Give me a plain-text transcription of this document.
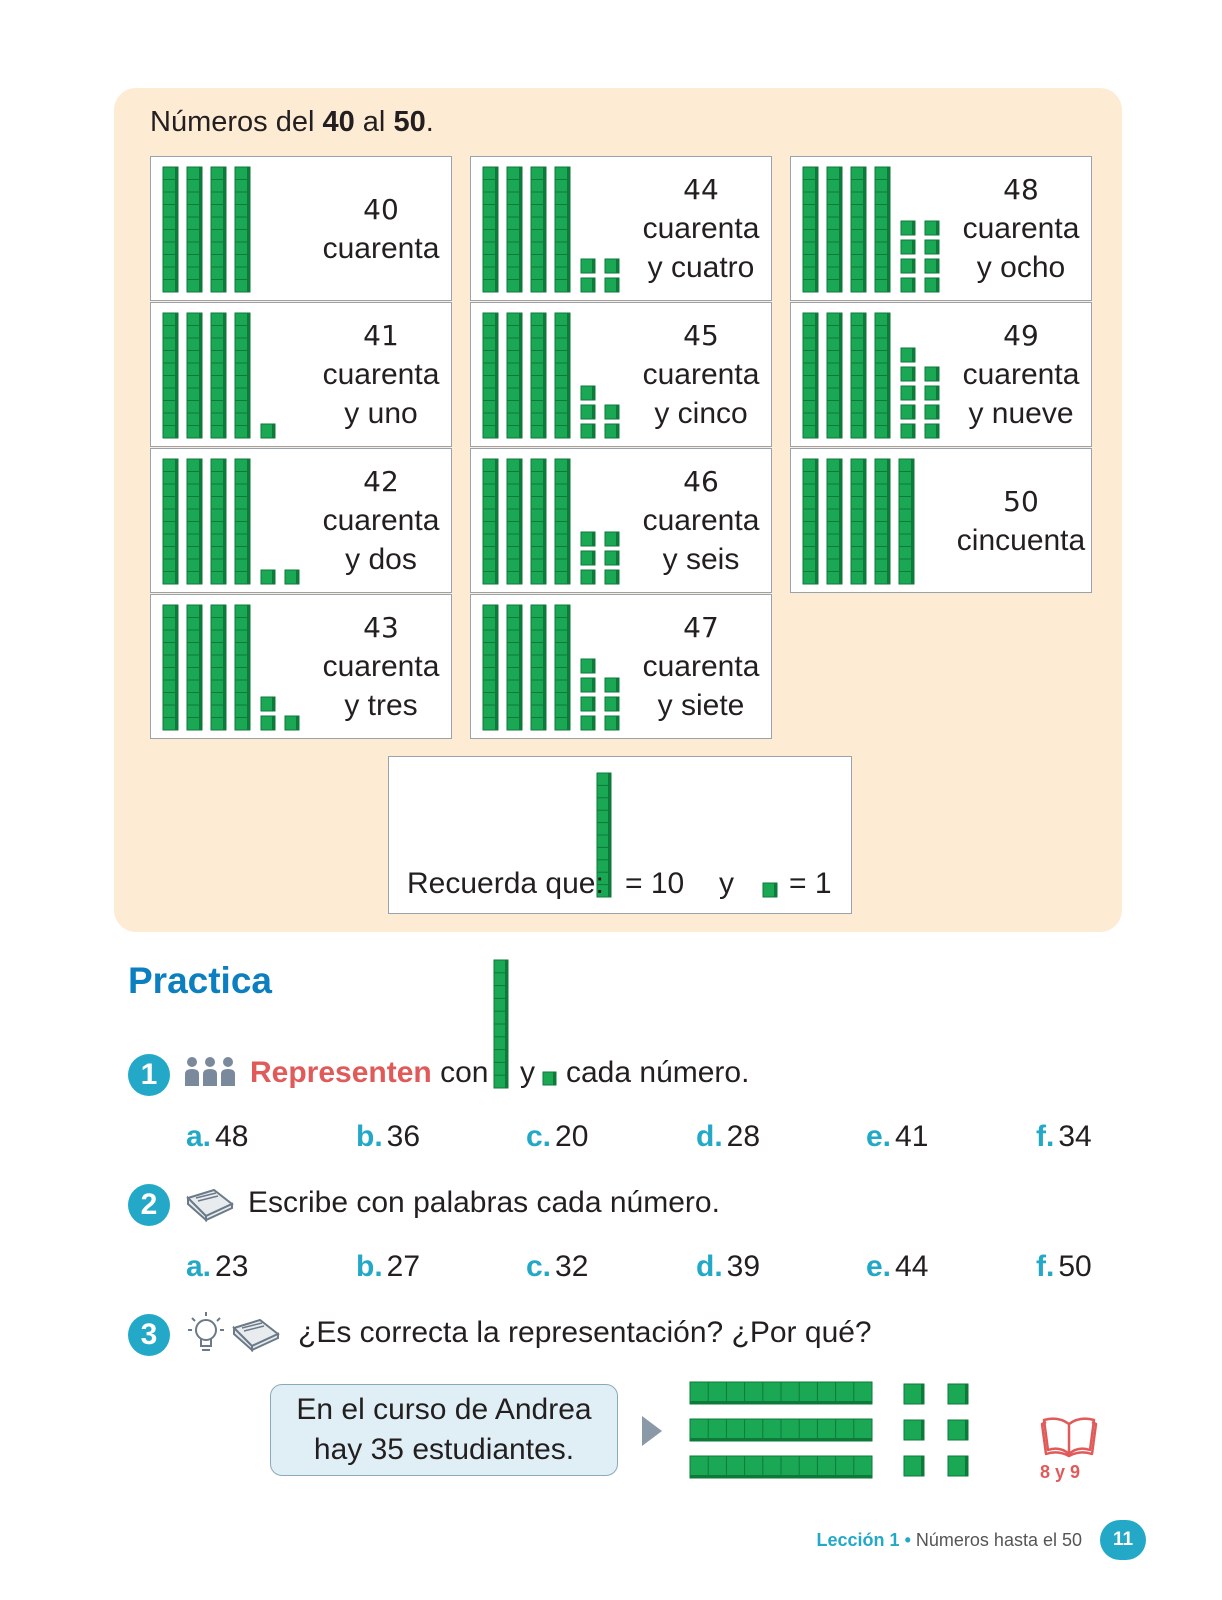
Números del 40 al 50.
40
cuarenta
41
cuarenta
y uno
42
cuarenta
y dos
43
cuarenta
y tres
44
cuarenta
y cuatro
45
cuarenta
y cinco
46
cuarenta
y seis
47
cuarenta
y siete
48
cuarenta
y ocho
49
cuarenta
y nueve
50
cincuenta
Recuerda que: = 10 y = 1
Practica
1	Representen con y cada número.
a. 48	b. 36	c. 20	d. 28	e. 41	f. 34
2	Escribe con palabras cada número.
a. 23	b. 27	c. 32	d. 39	e. 44	f. 50
3	¿Es correcta la representación? ¿Por qué?
En el curso de Andrea
hay 35 estudiantes.
8 y 9
Lección 1 • Números hasta el 50	11
